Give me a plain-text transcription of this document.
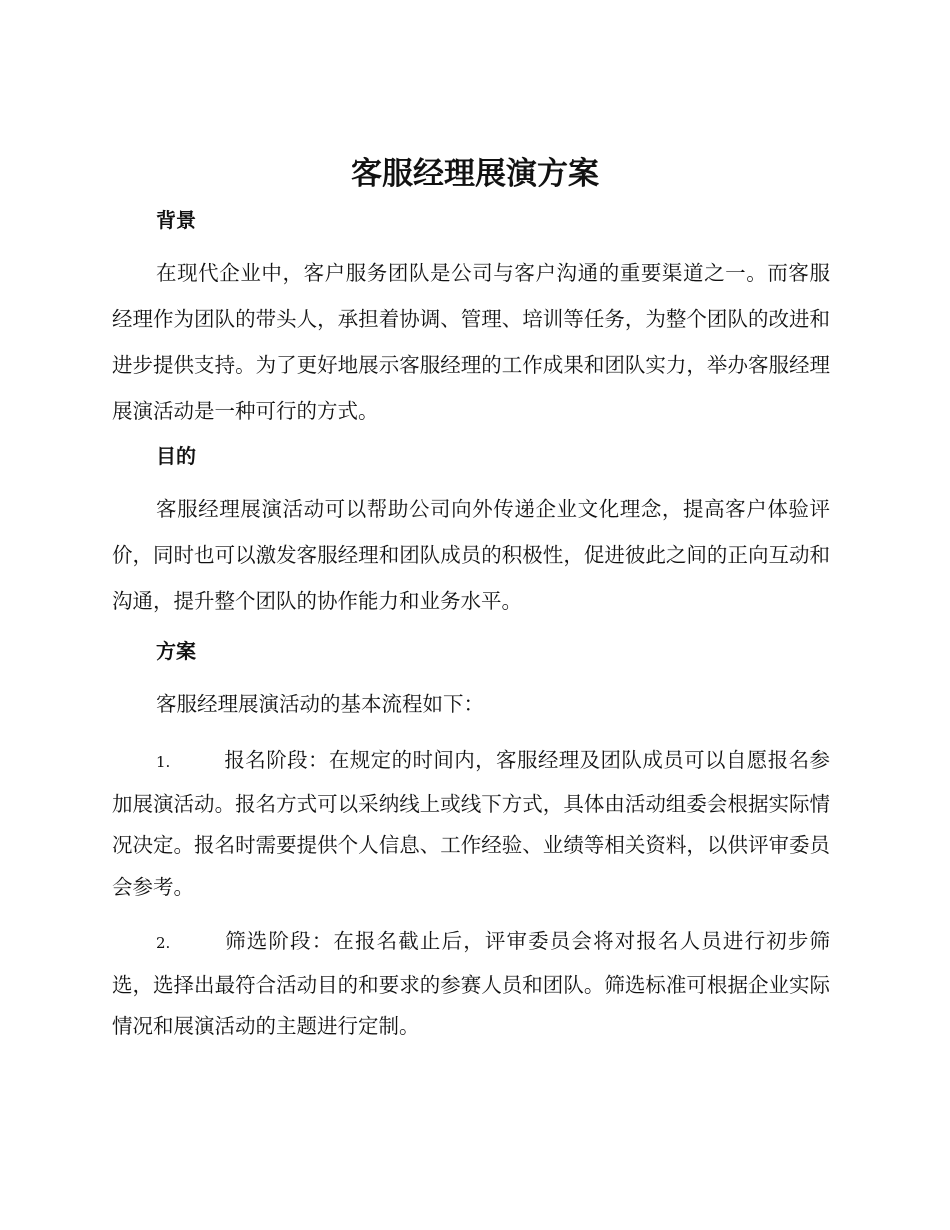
客服经理展演方案
背景

在现代企业中，客户服务团队是公司与客户沟通的重要渠道之一。而客服经理作为团队的带头人，承担着协调、管理、培训等任务，为整个团队的改进和进步提供支持。为了更好地展示客服经理的工作成果和团队实力，举办客服经理展演活动是一种可行的方式。

目的

客服经理展演活动可以帮助公司向外传递企业文化理念，提高客户体验评价，同时也可以激发客服经理和团队成员的积极性，促进彼此之间的正向互动和沟通，提升整个团队的协作能力和业务水平。

方案

客服经理展演活动的基本流程如下：

1.	报名阶段：在规定的时间内，客服经理及团队成员可以自愿报名参加展演活动。报名方式可以采纳线上或线下方式，具体由活动组委会根据实际情况决定。报名时需要提供个人信息、工作经验、业绩等相关资料，以供评审委员会参考。

2.	筛选阶段：在报名截止后，评审委员会将对报名人员进行初步筛选，选择出最符合活动目的和要求的参赛人员和团队。筛选标准可根据企业实际情况和展演活动的主题进行定制。
